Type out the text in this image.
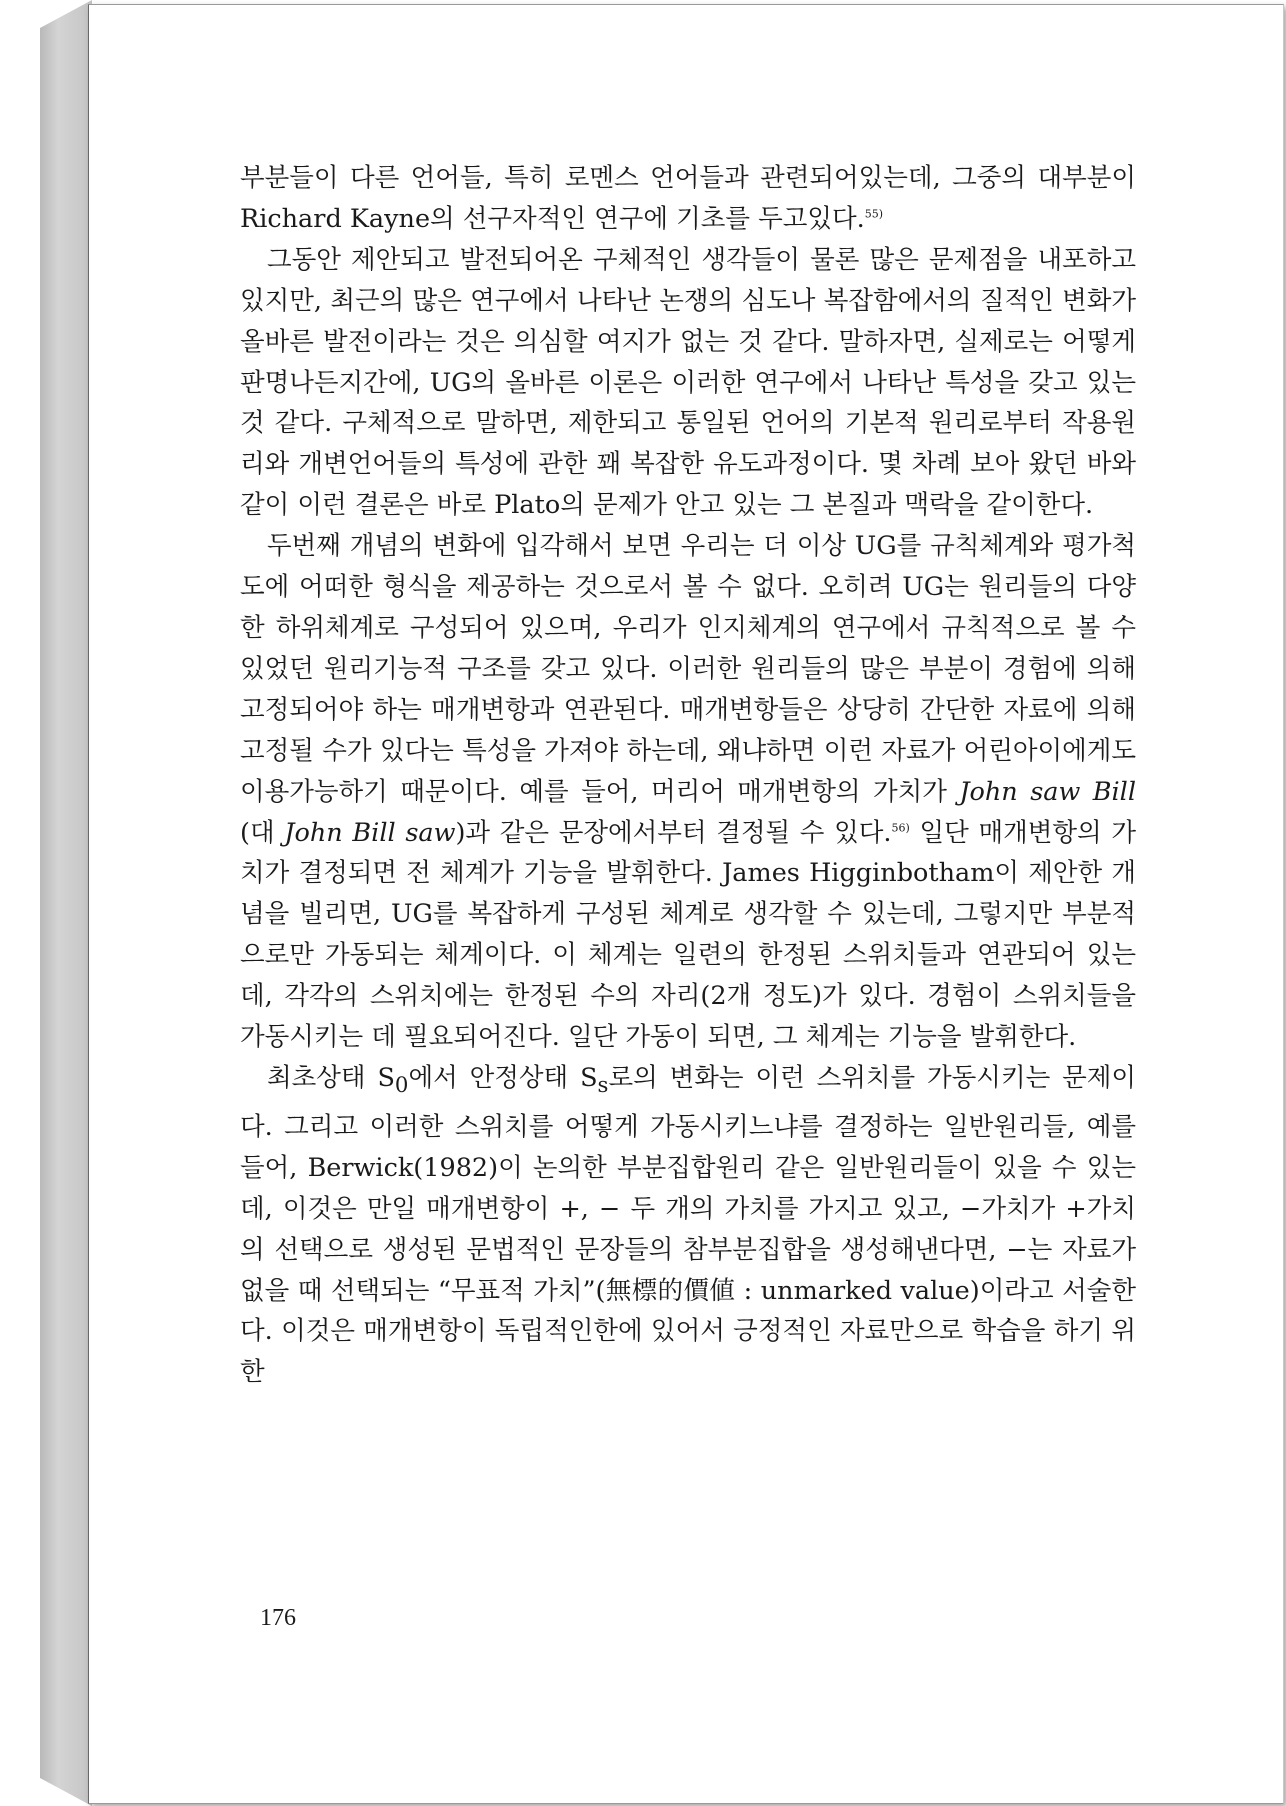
부분들이 다른 언어들, 특히 로멘스 언어들과 관련되어있는데, 그중의 대부분이 Richard Kayne의 선구자적인 연구에 기초를 두고있다.$^{55)}$

그동안 제안되고 발전되어온 구체적인 생각들이 물론 많은 문제점을 내포하고 있지만, 최근의 많은 연구에서 나타난 논쟁의 심도나 복잡함에서의 질적인 변화가 올바른 발전이라는 것은 의심할 여지가 없는 것 같다. 말하자면, 실제로는 어떻게 판명나든지간에, UG의 올바른 이론은 이러한 연구에서 나타난 특성을 갖고 있는 것 같다. 구체적으로 말하면, 제한되고 통일된 언어의 기본적 원리로부터 작용원리와 개변언어들의 특성에 관한 꽤 복잡한 유도과정이다. 몇 차례 보아 왔던 바와 같이 이런 결론은 바로 Plato의 문제가 안고 있는 그 본질과 맥락을 같이한다.

두번째 개념의 변화에 입각해서 보면 우리는 더 이상 UG를 규칙체계와 평가척도에 어떠한 형식을 제공하는 것으로서 볼 수 없다. 오히려 UG는 원리들의 다양한 하위체계로 구성되어 있으며, 우리가 인지체계의 연구에서 규칙적으로 볼 수 있었던 원리기능적 구조를 갖고 있다. 이러한 원리들의 많은 부분이 경험에 의해 고정되어야 하는 매개변항과 연관된다. 매개변항들은 상당히 간단한 자료에 의해 고정될 수가 있다는 특성을 가져야 하는데, 왜냐하면 이런 자료가 어린아이에게도 이용가능하기 때문이다. 예를 들어, 머리어 매개변항의 가치가 John saw Bill (대 John Bill saw)과 같은 문장에서부터 결정될 수 있다.$^{56)}$ 일단 매개변항의 가치가 결정되면 전 체계가 기능을 발휘한다. James Higginbotham이 제안한 개념을 빌리면, UG를 복잡하게 구성된 체계로 생각할 수 있는데, 그렇지만 부분적으로만 가동되는 체계이다. 이 체계는 일련의 한정된 스위치들과 연관되어 있는데, 각각의 스위치에는 한정된 수의 자리(2개 정도)가 있다. 경험이 스위치들을 가동시키는 데 필요되어진다. 일단 가동이 되면, 그 체계는 기능을 발휘한다.

최초상태 $S_0$에서 안정상태 $S_s$로의 변화는 이런 스위치를 가동시키는 문제이다. 그리고 이러한 스위치를 어떻게 가동시키느냐를 결정하는 일반원리들, 예를 들어, Berwick(1982)이 논의한 부분집합원리 같은 일반원리들이 있을 수 있는데, 이것은 만일 매개변항이 +, − 두 개의 가치를 가지고 있고, −가치가 +가치의 선택으로 생성된 문법적인 문장들의 참부분집합을 생성해낸다면, −는 자료가 없을 때 선택되는 “무표적 가치”(無標的價値 : unmarked value)이라고 서술한다. 이것은 매개변항이 독립적인한에 있어서 긍정적인 자료만으로 학습을 하기 위한

176
